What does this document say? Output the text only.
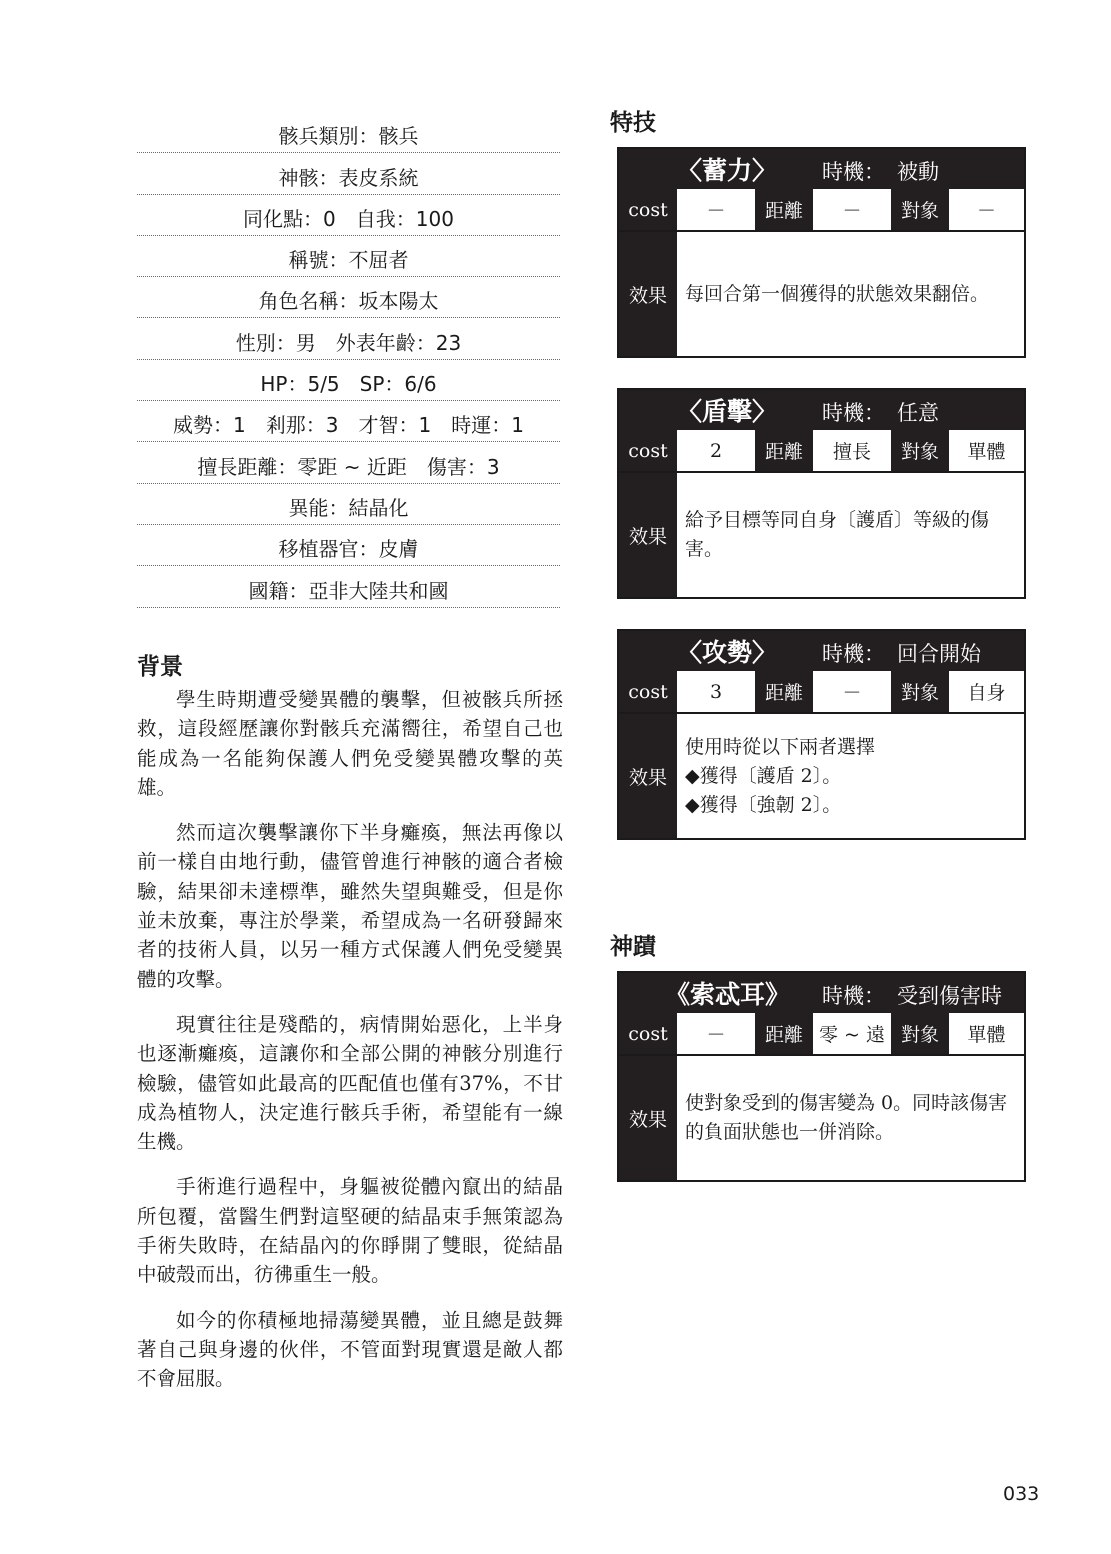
骸兵類別：骸兵
神骸：表皮系統
同化點：0　自我：100
稱號：不屈者
角色名稱：坂本陽太
性別：男　外表年齡：23
HP：5/5　SP：6/6
威勢：1　剎那：3　才智：1　時運：1
擅長距離：零距 ~ 近距　傷害：3
異能：結晶化
移植器官：皮膚
國籍：亞非大陸共和國
背景

學生時期遭受變異體的襲擊，但被骸兵所拯救，這段經歷讓你對骸兵充滿嚮往，希望自己也能成為一名能夠保護人們免受變異體攻擊的英雄。

然而這次襲擊讓你下半身癱瘓，無法再像以前一樣自由地行動，儘管曾進行神骸的適合者檢驗，結果卻未達標準，雖然失望與難受，但是你並未放棄，專注於學業，希望成為一名研發歸來者的技術人員，以另一種方式保護人們免受變異體的攻擊。

現實往往是殘酷的，病情開始惡化，上半身也逐漸癱瘓，這讓你和全部公開的神骸分別進行檢驗，儘管如此最高的匹配值也僅有37%，不甘成為植物人，決定進行骸兵手術，希望能有一線生機。

手術進行過程中，身軀被從體內竄出的結晶所包覆，當醫生們對這堅硬的結晶束手無策認為手術失敗時，在結晶內的你睜開了雙眼，從結晶中破殼而出，彷彿重生一般。

如今的你積極地掃蕩變異體，並且總是鼓舞著自己與身邊的伙伴，不管面對現實還是敵人都不會屈服。

特技
〈蓄力〉 時機： 被動
cost	－	距離	－	對象	－
效果 每回合第一個獲得的狀態效果翻倍。
〈盾擊〉 時機： 任意
cost	2	距離	擅長	對象	單體
效果
給予目標等同自身〔護盾〕等級的傷害。
〈攻勢〉 時機： 回合開始
cost	3	距離	－	對象	自身
效果
使用時從以下兩者選擇
◆獲得〔護盾 2〕。
◆獲得〔強韌 2〕。
神蹟
《索忒耳》 時機： 受到傷害時
cost	－	距離 零 ~ 遠 對象	單體
效果
使對象受到的傷害變為 0。同時該傷害的負面狀態也一併消除。
033
